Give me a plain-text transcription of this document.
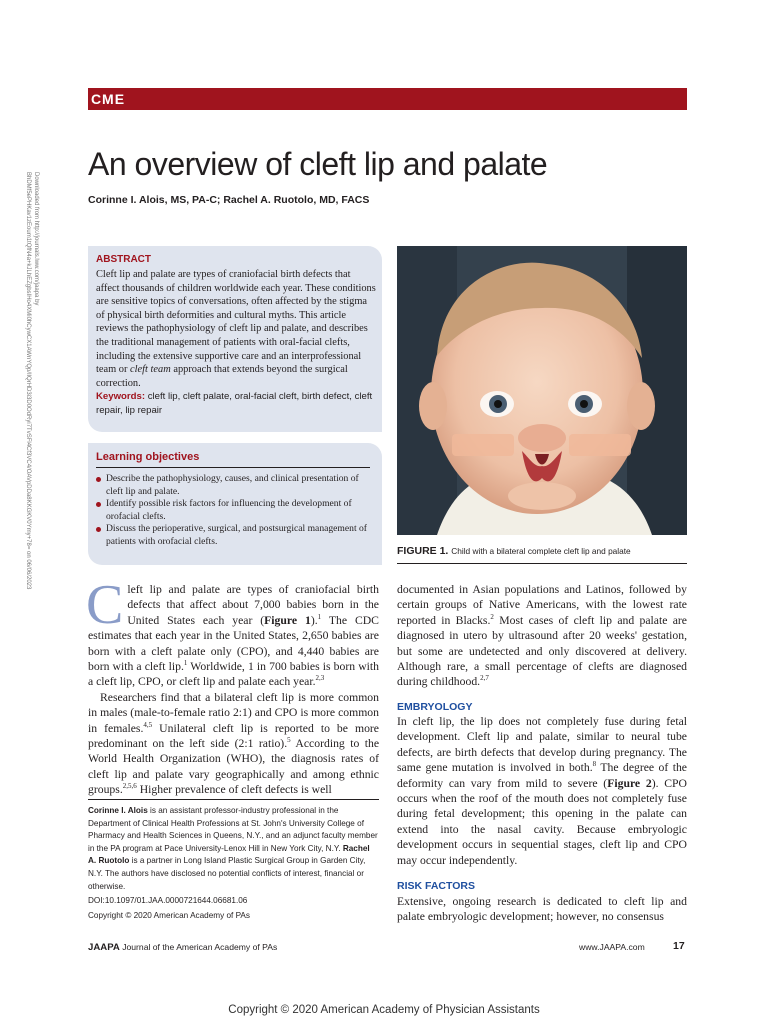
CME
Downloaded from http://journals.lww.com/jaapa by BhDMf5ePHKav1zEoum1tQfN4a+kJLhEZgbsIHo4XMi0hCywCX1AWnYQp/IlQrHD3i3D0OdRyi7TvSFl4Cf3VC4/OAVpDDa8KKGKV0Ymy+78= on 06/06/2023
An overview of cleft lip and palate
Corinne I. Alois, MS, PA-C; Rachel A. Ruotolo, MD, FACS
ABSTRACT
Cleft lip and palate are types of craniofacial birth defects that affect thousands of children worldwide each year. These conditions are sensitive topics of conversations, often affected by the stigma of physical birth deformities and cultural myths. This article reviews the pathophysiology of cleft lip and palate, and describes the traditional management of patients with oral-facial clefts, including the extensive supportive care and an interprofessional team or cleft team approach that extends beyond the surgical correction.
Keywords: cleft lip, cleft palate, oral-facial cleft, birth defect, cleft repair, lip repair
Learning objectives
Describe the pathophysiology, causes, and clinical presentation of cleft lip and palate.
Identify possible risk factors for influencing the development of orofacial clefts.
Discuss the perioperative, surgical, and postsurgical management of patients with orofacial clefts.
FIGURE 1. Child with a bilateral complete cleft lip and palate

Cleft lip and palate are types of craniofacial birth defects that affect about 7,000 babies born in the United States each year (Figure 1).$^1$ The CDC estimates that each year in the United States, 2,650 babies are born with a cleft palate only (CPO), and 4,440 babies are born with a cleft lip.$^1$ Worldwide, 1 in 700 babies is born with a cleft lip, CPO, or cleft lip and palate each year.$^{2,3}$

Researchers find that a bilateral cleft lip is more common in males (male-to-female ratio 2:1) and CPO is more common in females.$^{4,5}$ Unilateral cleft lip is reported to be more predominant on the left side (2:1 ratio).$^5$ According to the World Health Organization (WHO), the diagnosis rates of cleft lip and palate vary geographically and among ethnic groups.$^{2,5,6}$ Higher prevalence of cleft defects is well

documented in Asian populations and Latinos, followed by certain groups of Native Americans, with the lowest rate reported in Blacks.$^2$ Most cases of cleft lip and palate are diagnosed in utero by ultrasound after 20 weeks' gestation, but some are undetected and only discovered at delivery. Although rare, a small percentage of clefts are diagnosed during childhood.$^{2,7}$

EMBRYOLOGY

In cleft lip, the lip does not completely fuse during fetal development. Cleft lip and palate, similar to neural tube defects, are birth defects that develop during pregnancy. The same gene mutation is involved in both.$^8$ The degree of the deformity can vary from mild to severe (Figure 2). CPO occurs when the roof of the mouth does not completely fuse during fetal development; this opening in the palate can extend into the nasal cavity. Because embryologic development occurs in sequential stages, cleft lip and CPO may occur independently.

RISK FACTORS

Extensive, ongoing research is dedicated to cleft lip and palate embryologic development; however, no consensus

Corinne I. Alois is an assistant professor-industry professional in the Department of Clinical Health Professions at St. John's University College of Pharmacy and Health Sciences in Queens, N.Y., and an adjunct faculty member in the PA program at Pace University-Lenox Hill in New York City, N.Y. Rachel A. Ruotolo is a partner in Long Island Plastic Surgical Group in Garden City, N.Y. The authors have disclosed no potential conflicts of interest, financial or otherwise.

DOI:10.1097/01.JAA.0000721644.06681.06
Copyright © 2020 American Academy of PAs
JAAPA Journal of the American Academy of PAs	www.JAAPA.com	17
Copyright © 2020 American Academy of Physician Assistants
